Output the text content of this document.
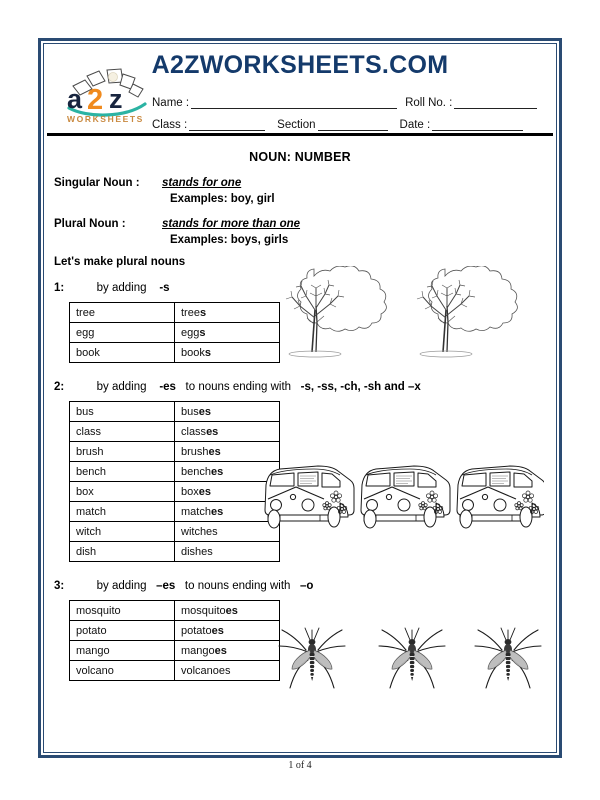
A2ZWORKSHEETS.COM
a 2 z
WORKSHEETS
Name :	Roll No. :
Class :	Section	Date :
NOUN: NUMBER
Singular Noun :	stands for one
Examples: boy, girl
Plural Noun :	stands for more than one
Examples: boys, girls
Let's make plural nouns
1:	by adding -s
tree	trees
egg	eggs
book	books
2:	by adding -es to nouns ending with -s, -ss, -ch, -sh and –x
bus	buses
class	classes
brush	brushes
bench	benches
box	boxes
match	matches
witch	witches
dish	dishes
3:	by adding –es to nouns ending with –o
mosquito	mosquitoes
potato	potatoes
mango	mangoes
volcano	volcanoes
1 of 4
